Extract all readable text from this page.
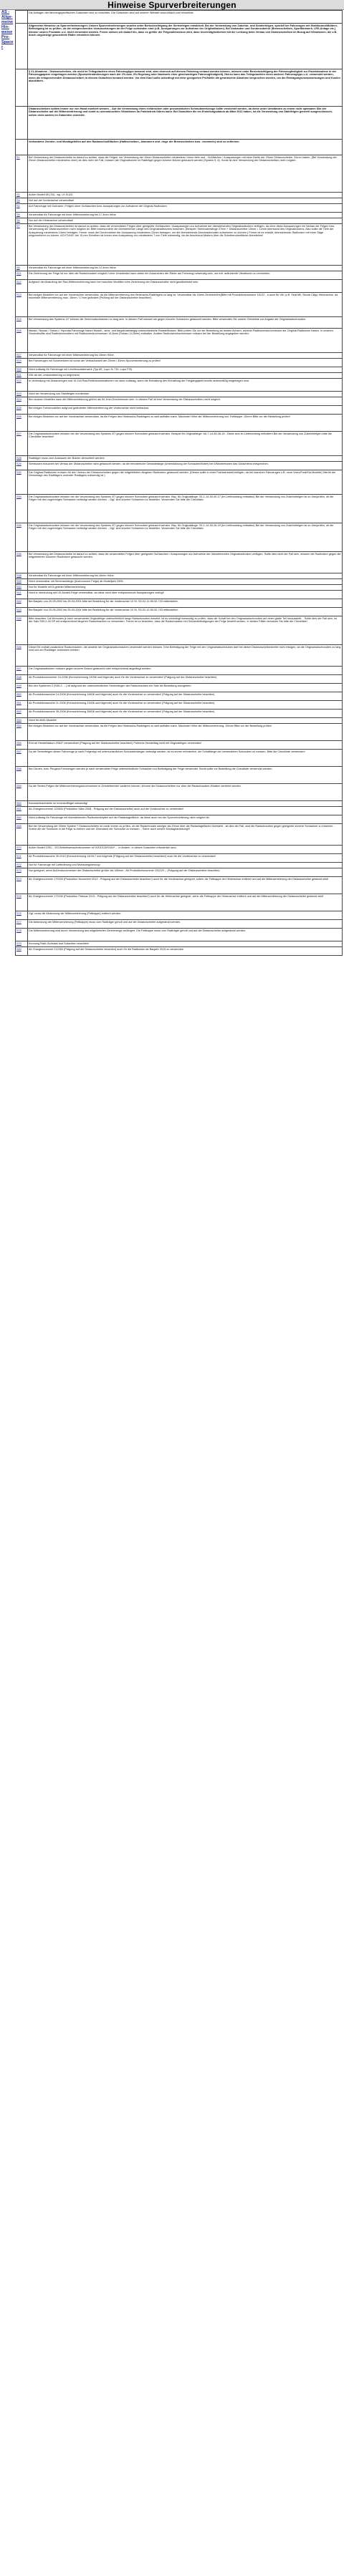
Hinweise Spurverbreiterungen
AS -
Allge-
meine
Hin-
weise
Pro-
Spacer
	Die Auflagen der fahrzeugspezifischen Gutachten sind zu beachten. Die Gutachten sind auf unserer Website www.eibach.com einsehbar.
	Allgemeine Hinweise zu Spurverbreiterungen: Unsere Spurverbreiterungen wurden unter Berücksichtigung der Serienfelgen entwickelt. Bei der Verwendung von Zubehör- und Sonderfelgen, speziell bei Fahrzeugen mit Stahlbolzen/Muttern-Befestigung ist zu prüfen, ob die entsprechenden Voraussetzungen an der Felge vorhanden sind (z.B. Aussparungen zur Aufnahme der Originalbolzen). Bei Umbauten und Sonderzubehör (Bremsscheiben, Sportfahrwerk, LRS-Anlage etc.) können unsere Produkte u.U. nicht verwendet werden. Ferner weisen wir darauf hin, dass es größer der Felgendimension wird, dass Unverträglichkeiten mit der Lenkung beim Verbau von Distanzscheiben im Bezug auf Vibrationen, die z.B. durch ungünstige gewuchtete Räder entstehen können.
	§ 21-Abnahme - Distanzscheiben, die nicht im Teilegutachten eines Fahrzeugtyps benannt sind, aber dennoch auf diesem Fahrzeug verbaut werden können, müssen unter Berücksichtigung der Fahrzeugfestigkeit zur Einzelabnahme in der Fahrzeugpapiere eingetragen werden (Spurweitenänderungen nach der 2%-bzw. 4%-Regelung oder Nachweis einer gleichwertigen Fahrzeugfestigkeit). Hierzu kann das Teilegutachten eines anderen Fahrzeugtyps u.U. verwendet werden, wenn die entsprechenden Distanzscheiben in diesem Gutachten benannt werden. Vor dem Kauf sollte unbedingt mit einer geeigneten Prüfstelle die gewünschte Abnahme besprochen werden, um die Eintragungsvoraussetzungen und Kosten abzuklären.
	Distanzscheiben sollten immer nur von Hand montiert werden. - Auf die Verwendung eines elektrischen oder pneumatischen Schraubwerkzeugs sollte verzichtet werden, da diese unter Umständen zu einem nicht optimalen Sitz der Distanzscheibe auf der Mittenzentrierung und somit zu unerwünschten Vibrationen im Fahrbetrieb führen kann. Bei Gutachten die ein Erstellungsdatum ab März 2011 haben, ist die Verwendung von Stahlfelgen generell ausgeschlossen, sofern nicht anders im Gutachten vermerkt.
	Vorhandene Zentrier- und Montagehilfen auf den Radanschlußflächen (Haltescheiben, -klammern und -ringe der Bremsscheiben bzw. -trommeln) sind zu entfernen.
S1	Bei Verwendung der Distanzscheibe ist darauf zu achten, dass die Felgen, bei Verwendung der 10mm Distanzscheibe mindestens 14mm tiefe und - Gußflächen / Aussparungen mit einer Breite der 20mm Distanzscheibe. 20mm haben. (Bei Verwendung der 20mm Distanzscheibe mindestens 4mm) ist dies nicht der Fall, müssen die Originalbolzen im Radträger gegen kürzere Bolzen getauscht werden (System 5, 6). Sonst ist eine Verwendung der Distanzscheiben nicht möglich.
S2	Außer Modell 65 (T8) - wg. LK 5/120.
S3	Nur auf der Vorderachse verwendbar!
S4	Auf Fahrzeuge mit Gußrahm / Felgen ohne Gußtaschen bzw. Aussparungen zur Aufnahme der Original-Radbolzen
S5	Verwendbar für Fahrzeuge mit einer Mittenzentrierung bis 17,3mm Höhe.
S6	Nur auf der Hinterachse verwendbar!
S7	Bei Verwendung der Distanzscheiben ist darauf zu achten, dass die verwendeten Felgen über geeignete Gußtaschen / Aussparungen zur Aufnahme der überstehenden Originalradbolzen verfügen, da ohne diese Aussparungen ein Verbau der Felgen bzw. Verwendung der Distanzscheiben nicht möglich ist. Bitte insbesondere die überstehende Länge des Originalradbolzens beachten. (Beispiel: Stehbolzenlänge 27mm + Distanzscheibe 15mm = 12mm überstand des Originalbolzens. Also sollte die Tiefe der Aussparung mindestens 14mm betragen. Ferner muss der Durchmesser der Aussparung mindestens 22mm betragen, um die überstehende Anschraubmutter aufnehmen zu können.) Ferner ist es erlaubt, überstehende Radbolzen mit einer Säge wegzunehmen zu kürzen. ACHTUNG: bei 15 mm Scheiben ist immer eine Aussparung von mindestens 7 mm Tiefe notwendig, da die Anschraub-Muttern über die Scheibenoberfläche überstehen!
S8	Verwendbar für Fahrzeuge mit einer Mittenzentrierung bis 12,5mm Höhe.
S11	Die Zentrierung der Felge ist nur über die Radschrauben möglich! Unter Umständen kann daher ein Auswuchten der Räder am Fahrzeug notwendig sein, um evtl. auftretende Vibrationen zu vermeiden.
S12	Aufgrund der Abstufung der Rad-Mittenzentrierung kann bei manchen Modellen eine Zentrierung der Distanzscheibe nicht gewährleistet sein.
S13	Bei einigen Modellen nur auf der Vorderachse verwendbar, da die Mittenzentrierung des Hinterachs-Radträgers zu lang ist. Verwendbar bis 16mm Zentrierhöhe(Bitte mit Produktionsnummer 16122 - a auch für VA! (z.B. Seat Mii, Skoda Citigo Hinterachse, da maximale Mittenzentrierung max. 16mm / 17mm geändert (Prüfung auf der Distanzscheibe beachten!)
S15	Bei Verwendung des Systems 3/7 können die Serienradschrauben zu lang sein. In diesem Fall müssen sie gegen kürzere Schrauben getauscht werden. Bitte verwenden Sie unsere Checkliste zur Angabe der Originalradschrauben.
S16	Mazda / Nissan / Subaru / Hyundai-Fahrzeuge haben Modell-, achs- und baujahrabhängig unterschiedliche Radstellbolzen. Bitte prüfen Sie vor der Bestellung an beiden Achsen, welcher Radbolzendurchmesser der Original-Radbolzen haben. In unseren Gewindestifts sind Radbolzenmuttern mit Radbolzendurchmesser 14,8mm (Subaru 14,5mm) enthalten. Andere Radbolzendurchmesser müssen bei der Bestellung angegeben werden.
S17	Verwendbar für Fahrzeuge mit einer Mittenzentrierung bis 16mm Höhe.
S19	Bei Fahrzeugen mit Schiebetüren ist vorab der Verbaubarkeit der 25mm / 30mm Spurverbreiterung zu prüfen!
S20	Nicht zulässig für Fahrzeuge mit Leichtbauräderwerk (Typ 6E, Lupo 3L TDI, Lupo FSI)
S21	Gilt: ab der Lenkzentrierung zu begrenzen
S22	In Verbindung mit Distanzringen und 15 Zoll Rad-Reifenkombinationen nur dann zulässig, wenn die Einhaltung des Einhaltung der Freigängigkeit bereits serienmäßig eingetragen sind.
S23	Nicht bei Verwendung von Stahlfelgen montierbar!
S24	Bei neueren Modellen kann die Mittenzentrierung größer als 54,1mm Durchmesser sein. In diesem Fall ist eine Verwendung der Distanzscheiben nicht möglich.
S25	Bei einigen Turbomodellen aufgrund geänderter Mittenzentrierung der Vorderachse nicht verbaubar.
S26	Bei einigen Modellen nur auf der Vorderachse verwendbar, da die Felgen des Hinterachs-Radträgers zu weit auffallen kann. Maximale Höhe der Mittenzentrierung incl. Fettkappe: 10mm! Bitte vor der Bestellung prüfen!
S27	Die Originalradschrauben müssen bei der Verwendung des Systems 3/7 gegen kürzere Schrauben getauscht werden. Beispiel für Originallänge: 5A-7-14-50-28-19 - Diese sind im Lieferumfang enthalten! Bei der Verwendung von Zubehörfelgen bitte die Checkliste beachten!
S28	Radträger muss zum Ausbauen der Bolzen demontiert werden!
S29	Stehbolzen brauchen bei Verbau der Distanzscheibe nicht getauscht werden, da die erforderliche Gewindelänge (Unterstützung der Schraube/Mutter) bei 5/Montierbaren das Gutachtens entsprechen.
S30	Die Original-Radbolzen müssen für den Verbau der Distanzscheiben gegen die mitgelieferten längeren Radbolzen getauscht werden. (Dieses sollte in einer Fachwerkstatt erfolgen, da bei manchen Fahrzeugen z.B. neue Volvo/Ford/Kia-Modelle) Hierfür die Demontage des Radträgers und/oder Radlagers notwendig ist.)
S34	Die Originalradschrauben müssen bei der Verwendung des Systems 3/7 gegen kürzere Schrauben getauscht werden. Bsp. für Originallänge: S1-1-14-50-30-17 (Im Lieferumfang enthalten) Bei der Verwendung von Zubehörfelgen ist zu überprüfen, ob die Felgen mit den zugehörigen Schrauben befestigt werden können. - Ggf. sind kürzere Schrauben zu bestellen. Verwenden Sie bitte die Checkliste.
S35	Die Originalradschrauben müssen bei der Verwendung des Systems 3/7 gegen kürzere Schrauben getauscht werden. Bsp. für Originallänge: S1-1-14-50-26-19 (Im Lieferumfang enthalten) Bei der Verwendung von Zubehörfelgen ist zu überprüfen, ob die Felgen mit den zugehörigen Schrauben befestigt werden können. - Ggf. sind kürzere Schrauben zu bestellen. Verwenden Sie bitte die Checkliste.
S36	Bei Verwendung der Distanzscheibe ist darauf zu achten, dass die verwendeten Felgen über geeignete Gußtaschen / Aussparungen zur Aufnahme der überstehenden Originalradbolzen verfügen. Sollte dies nicht der Fall sein, müssen die Radbolzen gegen die mitgelieferten kürzeren Radbolzen getauscht werden.
S38	Verwendbar für Fahrzeuge mit einer Mittenzentrierung bis 16mm Höhe.
S39	Nicht verwendbar mit Serienanhänge (Anchronome Felge) ab Modelljahr 2005.
S40	Nur für Modelle mit 5-geteiler Mittenzentrierung
S41	Nicht in Verbindung mit US-Modell-Felge verwendbar, da diese nicht über entsprechende Aussparungen verfügt!
S42	Bei Baujahr von 20-05-2002 bis 25-03-2004 bitte bei Bestellung für die Vorderachse 10 St. S3-02-12-50-52-743 mitbestellen
S43	Bei Baujahr von 20-05-2002 bis 25-03-2004 bitte bei Bestellung für die Vorderachse 10 St. S3-02-12-50-52-743 mitbestellen
S45	Bitte beachten: Da Mercedes je nach verwendeter Originalfelge unterschiedlich lange Radschrauben einsetzt, ist es unbedingt notwendig zu prüfen, dass die Schaft bei den Originalradschrauben auf einen glatte Teil herausstellt. - Sollte dies der Fall sein, ist der Satz S90-2-20-SP mit entsprechend längeren Radschrauben zu verwenden. Ferner ist zu beachten, dass die Radschrauben bei Sonderbefestigungen der Felge bestellt werden. In beiden Fällen benutzen Sie bitte die Checkliste!
S46	Dieser Kit enthält zusätzliche Radschrauben, die anstelle der Originalradschrauben verwendet werden müssen. Eine Befestigung der Felge mit den Originalradschrauben darf bei dieser Distanzscheibenbreite nicht erfolgen, da die Originalradschrauben zu lang sind und am Radträger anstossen würden.
S47	Die Originalradbolzen müssen gegen kürzere Bolzen getauscht oder entsprechend abgelängt werden.
S48	Ab Produktionsnummer 24-2096 (Kennzeichnung 24096 und folgende) auch für die Vorderachse zu verwenden! (Prägung auf der Distanzscheibe beachten)
S49	Bei den Systemen 2 (S90-2- ...) ist aufgrund der unterschiedlichen Serienlängen der Radschrauben ein Satz bei Bestellung anzugeben.
S50	Ab Produktionswoche 14-2006 (Kennzeichnung 14606 und folgende) auch für die Vorderachse zu verwenden! (Prägung auf der Distanzscheibe beachten)
S51	Ab Produktionswoche 21-2006 (Kennzeichnung 21606 und folgende) auch für die Vorderachse zu verwenden! (Prägung auf der Distanzscheibe beachten)
S52	Ab Produktionswoche 35-2006 (Kennzeichnung 35606 und folgende) auch für die Vorderachse zu verwenden! (Prägung auf der Distanzscheibe beachten)
S53	Nicht für AMG-Modelle!
S54	Bei einigen Modellen nur auf der Vorderachse verwendbar, da die Felgen des Hinterachs-Radträgers zu weit auffallen kann. Maximale Höhe der Mittenzentrierung: 15mm! Bitte vor der Bestellung prüfen!
S56	Erst ab Herstelldatum 20637 verwendbar! (Prägung auf der Distanzscheibe beachten!) Früheres Herstelltag nicht mit Originalfelgen verwenden!
S57	Da die Serienfelgen dieser Fahrzeuge je nach Felgentyp mit unterschiedlichen Schraubenlängen befestigt werden, ist es immer erforderlich, die Schaftlänge der verwendeten Schrauben zu messen. Bitte die Checkliste verwenden!
S58	Bei Citroen- bzw. Peugeot-Fahrzeugen werden je nach verwendeter Felge unterschiedliche Schrauben zur Befestigung der Felge verwendet. Somit sollte vor Bestellung die Checkliste verwendet werden.
S59	Da die Serien-Felgen die Mittenzentrierungsdurchmesser in Zehntelbereich variieren können, können die Distanzscheiben nur über die Radschrauben-/Muttern zentriert werden.
S60	Karosserieachsteile im Innenkotflügel notwendig!
S61	Ab Chargennummer 123634 (Produktion März 2008 - Prägung auf der Distanzscheibe) auch auf der Vorderachse zu verwenden!
S62	Nicht zulässig für Fahrzeuge mit überstehenden Radbolzenköpfen auf der Radanlagefläche, da diese auch bei der Spurverbreiterung nicht möglich ist.
S65	Bei der Verwendung der 20mm System 7 Distanzscheiben ist vorab immer zu prüfen, ob die Radschraube weniger als 20mm über die Radanlagefläche übersteht - ist dies der Fall, sind die Radschrauben gegen geeignete kürzere Schrauben zu ersetzen. - Sofern die die Schraube in die Felge zu kleben und der Überstand der Schraube zu messen. - Siehe auch unsere Montageanleitung!!!
S70	Außer Modell 10SC - EG-Betriebserlaubnisnummer e1*2001/116*0344* ... in ändern. In diesen Gutachten erforderlich sind.
S71	Ab Produktionswoche 30-2010 (Kennzeichnung 140417 und folgende (Prägung auf der Distanzscheibe beachten!) auch für die Vorderachse zu verwenden!
S72	Nur für Fahrzeuge mit Luftfederung und Niveauregulierung!
S73	Nur geeignet, wenn Außendurchmesser der Distanzscheibe größer als 165mm - Ab Produktionsnummer 101229 -- (Prägung auf der Distanzscheibe beachten)
S74	Ab Chargennummer 170033 (Produktion November 2012 - Prägung auf der Distanzscheibe beachten!) auch für die Vorderachse geeignet, sofern die Fettkappe der Hinterachse entfernt und auf die Mittenzentrierung der Distanzscheibe gesteckt wird!
S75	Ab Chargennummer 172150 (Produktion Februar 2013 - Prägung auf der Distanzscheibe beachten!) auch für die Hinterachse geeignet, wenn die Fettkappe der Hinterachse entfernt und auf die Mittenzentrierung der Distanzscheibe gesteckt wird!
S76	Ggf. muss die Abdeckung der Mittenzentrierung (Fettkappe) entfernt werden.
S77	Die Abdeckung der Mittenzentrierung (Fettkappe) muss vom Radträger geholt und auf die Distanzscheibe aufgesteckt werden.
S78	Die Mittenzentrierung wird durch Verwendung des mitgelieferten Zentrierrings verlängert. Die Fettkappe muss vom Radträger geholt und auf die Distanzscheibe aufgesteckt werden.
S79	Kennung Radi-/Achslast laut Gutachten beachten!
S80	Ab Chargennummer 212264 (Prägung auf der Distanzscheibe beachten) auch für die Radbolzen ab Baujahr 2015 zu verwenden
